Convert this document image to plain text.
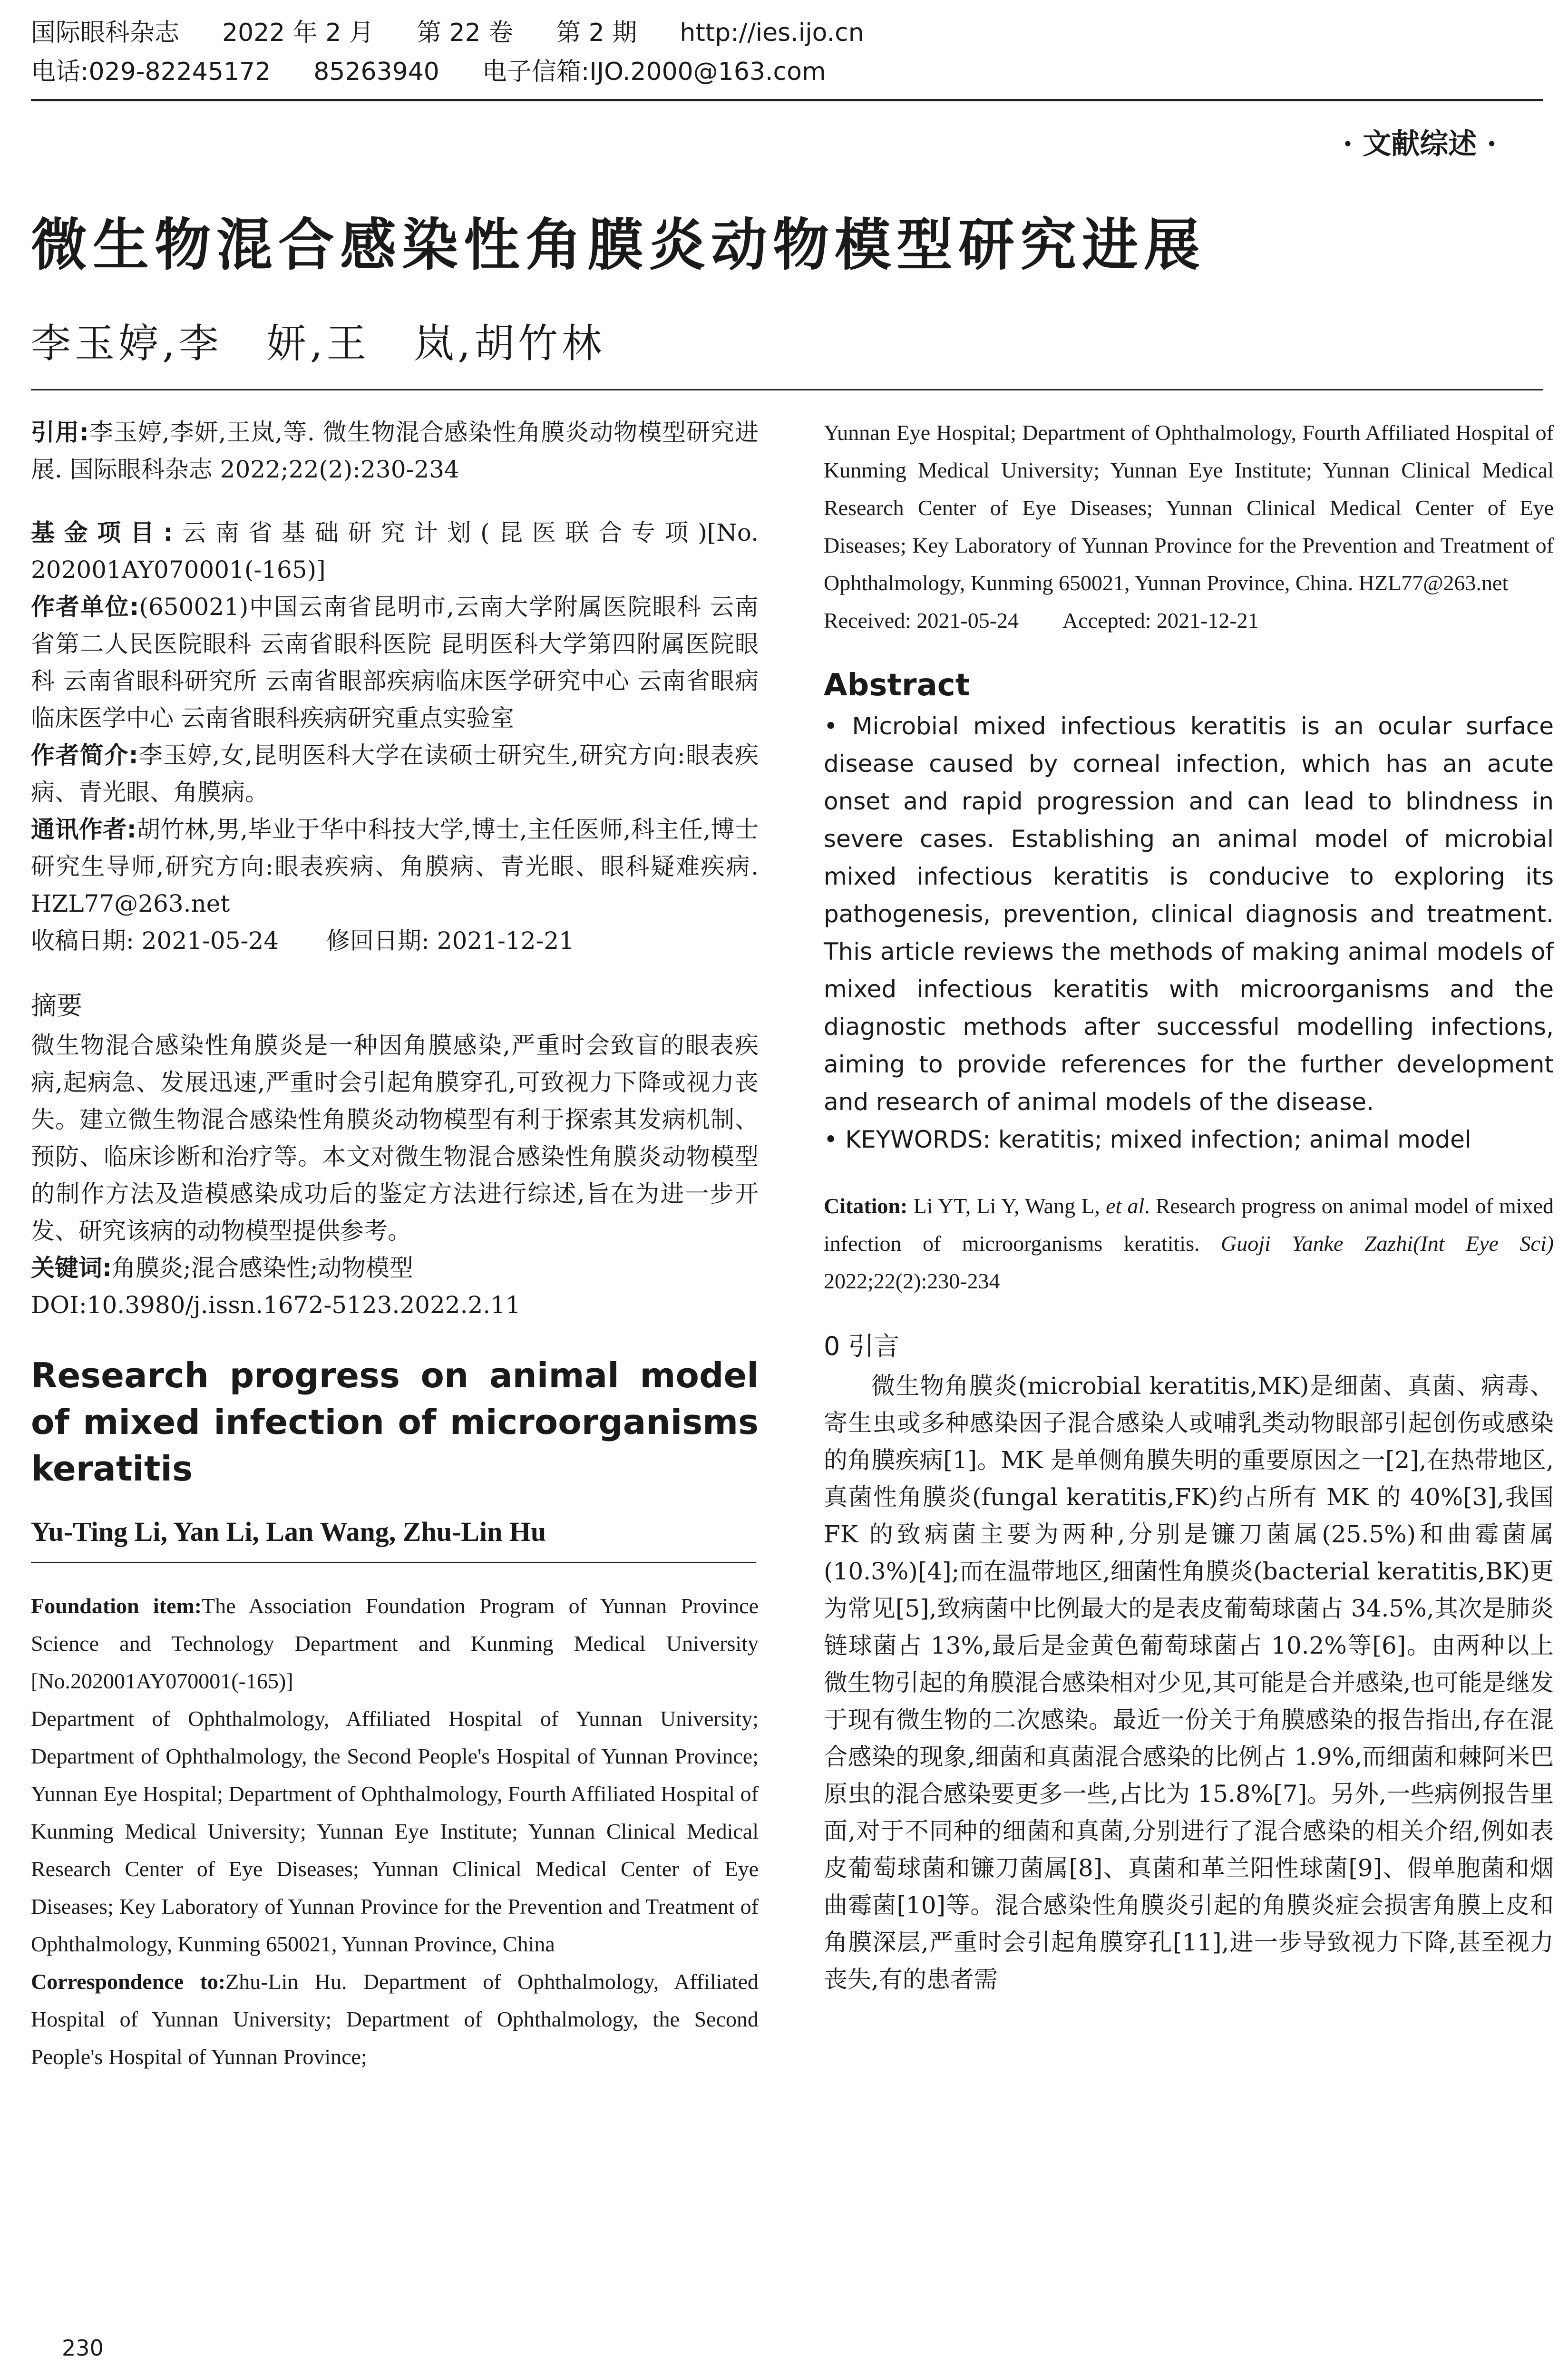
国际眼科杂志 2022 年 2 月 第 22 卷 第 2 期 http://ies.ijo.cn
电话:029-82245172 85263940 电子信箱:IJO.2000@163.com
· 文献综述 ·
微生物混合感染性角膜炎动物模型研究进展
李玉婷,李　妍,王　岚,胡竹林

引用:李玉婷,李妍,王岚,等. 微生物混合感染性角膜炎动物模型研究进展. 国际眼科杂志 2022;22(2):230-234

基金项目:云南省基础研究计划(昆医联合专项)[No. 202001AY070001(-165)]

作者单位:(650021)中国云南省昆明市,云南大学附属医院眼科 云南省第二人民医院眼科 云南省眼科医院 昆明医科大学第四附属医院眼科 云南省眼科研究所 云南省眼部疾病临床医学研究中心 云南省眼病临床医学中心 云南省眼科疾病研究重点实验室

作者简介:李玉婷,女,昆明医科大学在读硕士研究生,研究方向:眼表疾病、青光眼、角膜病。

通讯作者:胡竹林,男,毕业于华中科技大学,博士,主任医师,科主任,博士研究生导师,研究方向:眼表疾病、角膜病、青光眼、眼科疑难疾病. HZL77@263.net

收稿日期: 2021-05-24　　修回日期: 2021-12-21

摘要

微生物混合感染性角膜炎是一种因角膜感染,严重时会致盲的眼表疾病,起病急、发展迅速,严重时会引起角膜穿孔,可致视力下降或视力丧失。建立微生物混合感染性角膜炎动物模型有利于探索其发病机制、预防、临床诊断和治疗等。本文对微生物混合感染性角膜炎动物模型的制作方法及造模感染成功后的鉴定方法进行综述,旨在为进一步开发、研究该病的动物模型提供参考。

关键词:角膜炎;混合感染性;动物模型

DOI:10.3980/j.issn.1672-5123.2022.2.11

Research progress on animal model of mixed infection of microorganisms keratitis
Yu-Ting Li, Yan Li, Lan Wang, Zhu-Lin Hu

Foundation item:The Association Foundation Program of Yunnan Province Science and Technology Department and Kunming Medical University [No.202001AY070001(-165)]

Department of Ophthalmology, Affiliated Hospital of Yunnan University; Department of Ophthalmology, the Second People's Hospital of Yunnan Province; Yunnan Eye Hospital; Department of Ophthalmology, Fourth Affiliated Hospital of Kunming Medical University; Yunnan Eye Institute; Yunnan Clinical Medical Research Center of Eye Diseases; Yunnan Clinical Medical Center of Eye Diseases; Key Laboratory of Yunnan Province for the Prevention and Treatment of Ophthalmology, Kunming 650021, Yunnan Province, China

Correspondence to:Zhu-Lin Hu. Department of Ophthalmology, Affiliated Hospital of Yunnan University; Department of Ophthalmology, the Second People's Hospital of Yunnan Province;

Yunnan Eye Hospital; Department of Ophthalmology, Fourth Affiliated Hospital of Kunming Medical University; Yunnan Eye Institute; Yunnan Clinical Medical Research Center of Eye Diseases; Yunnan Clinical Medical Center of Eye Diseases; Key Laboratory of Yunnan Province for the Prevention and Treatment of Ophthalmology, Kunming 650021, Yunnan Province, China. HZL77@263.net

Received: 2021-05-24　　Accepted: 2021-12-21

Abstract

• Microbial mixed infectious keratitis is an ocular surface disease caused by corneal infection, which has an acute onset and rapid progression and can lead to blindness in severe cases. Establishing an animal model of microbial mixed infectious keratitis is conducive to exploring its pathogenesis, prevention, clinical diagnosis and treatment. This article reviews the methods of making animal models of mixed infectious keratitis with microorganisms and the diagnostic methods after successful modelling infections, aiming to provide references for the further development and research of animal models of the disease.

• KEYWORDS: keratitis; mixed infection; animal model

Citation: Li YT, Li Y, Wang L, et al. Research progress on animal model of mixed infection of microorganisms keratitis. Guoji Yanke Zazhi(Int Eye Sci) 2022;22(2):230-234

0 引言

微生物角膜炎(microbial keratitis,MK)是细菌、真菌、病毒、寄生虫或多种感染因子混合感染人或哺乳类动物眼部引起创伤或感染的角膜疾病[1]。MK 是单侧角膜失明的重要原因之一[2],在热带地区,真菌性角膜炎(fungal keratitis,FK)约占所有 MK 的 40%[3],我国 FK 的致病菌主要为两种,分别是镰刀菌属(25.5%)和曲霉菌属(10.3%)[4];而在温带地区,细菌性角膜炎(bacterial keratitis,BK)更为常见[5],致病菌中比例最大的是表皮葡萄球菌占 34.5%,其次是肺炎链球菌占 13%,最后是金黄色葡萄球菌占 10.2%等[6]。由两种以上微生物引起的角膜混合感染相对少见,其可能是合并感染,也可能是继发于现有微生物的二次感染。最近一份关于角膜感染的报告指出,存在混合感染的现象,细菌和真菌混合感染的比例占 1.9%,而细菌和棘阿米巴原虫的混合感染要更多一些,占比为 15.8%[7]。另外,一些病例报告里面,对于不同种的细菌和真菌,分别进行了混合感染的相关介绍,例如表皮葡萄球菌和镰刀菌属[8]、真菌和革兰阳性球菌[9]、假单胞菌和烟曲霉菌[10]等。混合感染性角膜炎引起的角膜炎症会损害角膜上皮和角膜深层,严重时会引起角膜穿孔[11],进一步导致视力下降,甚至视力丧失,有的患者需

230
